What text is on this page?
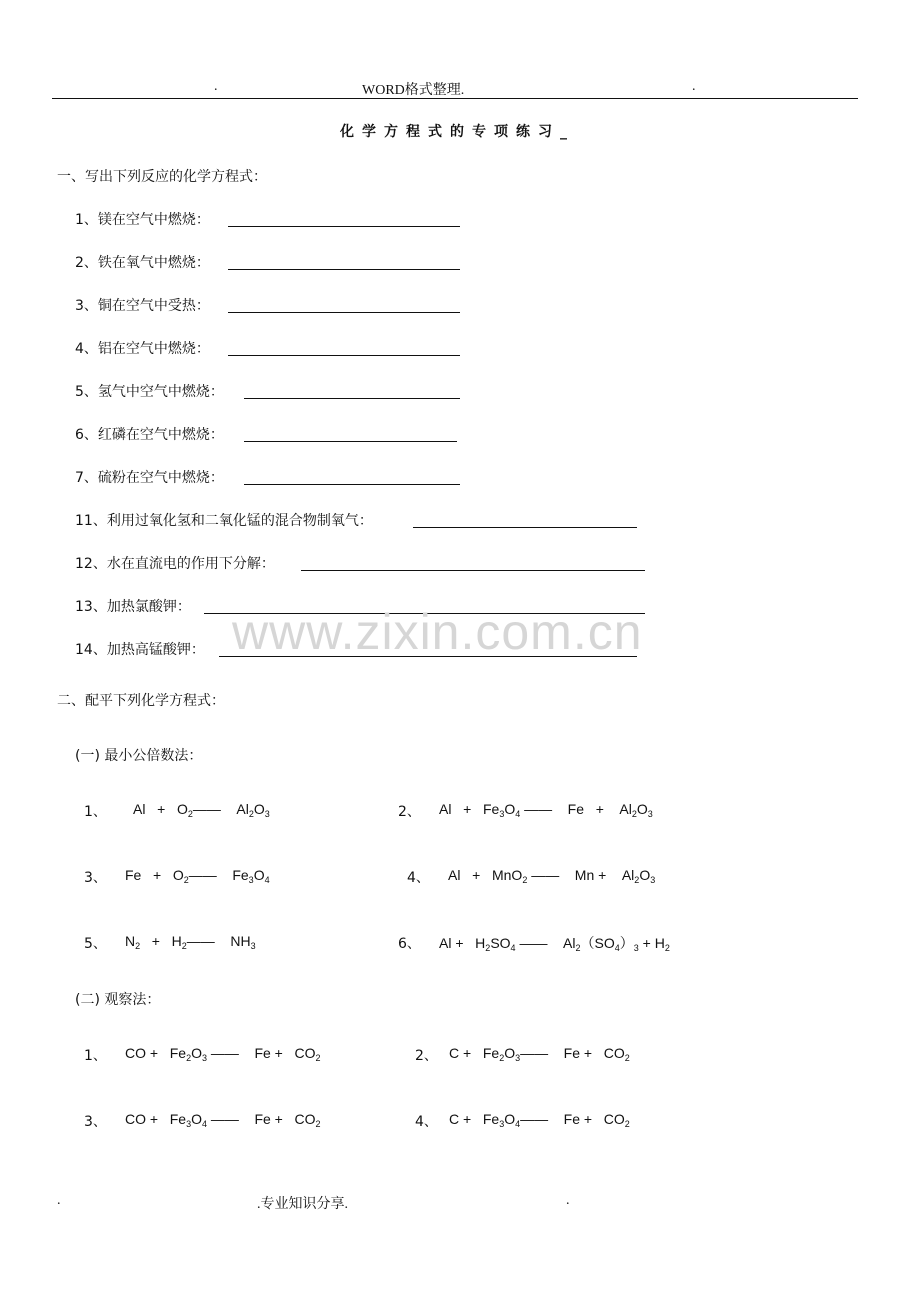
.	WORD格式整理.	.
化学方程式的专项练习_
一、写出下列反应的化学方程式：
1、镁在空气中燃烧：
2、铁在氧气中燃烧：
3、铜在空气中受热：
4、铝在空气中燃烧：
5、氢气中空气中燃烧：
6、红磷在空气中燃烧：
7、硫粉在空气中燃烧：
11、利用过氧化氢和二氧化锰的混合物制氧气：
12、水在直流电的作用下分解：
13、加热氯酸钾：
14、加热高锰酸钾： www.zixin.com.cn
二、配平下列化学方程式：
(一) 最小公倍数法：
1、 $Al + O_2——$    $Al_2O_3$	2、 $Al + Fe_3O_4$ ——    Fe   +    $Al_2O_3$
3、 $Fe + O_2——$    $Fe_3O_4$	4、 Al   +   MnO$_2$ ——    Mn +    $Al_2O_3$
5、 $N_2$   +   $H_2——$    $NH_3$	6、 $Al + H_2SO_4$ ——    $Al_2(SO_4)_3 + H_2$
(二) 观察法：
1、 CO +   $Fe_2O_3$ ——    $Fe + CO_2$	2、 $C + Fe_2O_3——$    $Fe + CO_2$
3、 CO +   $Fe_3O_4$ ——    $Fe + CO_2$	4、 $C + Fe_3O_4——$    $Fe + CO_2$
.	.专业知识分享.	.
